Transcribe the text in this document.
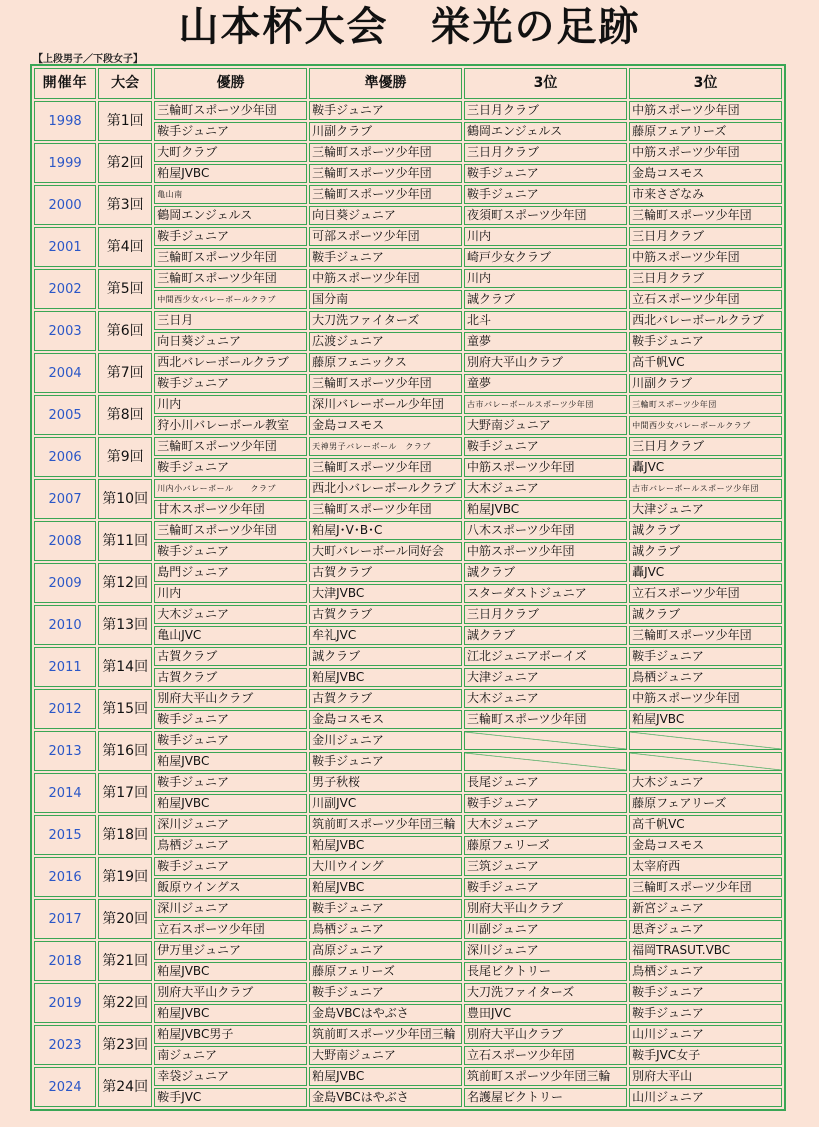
山本杯大会　栄光の足跡
【上段男子／下段女子】
開催年	大会	優勝	準優勝	3位	3位
1998	第1回	三輪町スポーツ少年団	鞍手ジュニア	三日月クラブ	中筋スポーツ少年団
		鞍手ジュニア	川副クラブ	鶴岡エンジェルス	藤原フェアリーズ
1999	第2回	大町クラブ	三輪町スポーツ少年団	三日月クラブ	中筋スポーツ少年団
		粕屋JVBC	三輪町スポーツ少年団	鞍手ジュニア	金島コスモス
2000	第3回	亀山南	三輪町スポーツ少年団	鞍手ジュニア	市来さざなみ
		鶴岡エンジェルス	向日葵ジュニア	夜須町スポーツ少年団	三輪町スポーツ少年団
2001	第4回	鞍手ジュニア	可部スポーツ少年団	川内	三日月クラブ
		三輪町スポーツ少年団	鞍手ジュニア	崎戸少女クラブ	中筋スポーツ少年団
2002	第5回	三輪町スポーツ少年団	中筋スポーツ少年団	川内	三日月クラブ
		中間西少女バレーボールクラブ	国分南	誠クラブ	立石スポーツ少年団
2003	第6回	三日月	大刀洗ファイターズ	北斗	西北バレーボールクラブ
		向日葵ジュニア	広渡ジュニア	童夢	鞍手ジュニア
2004	第7回	西北バレーボールクラブ	藤原フェニックス	別府大平山クラブ	高千帆VC
		鞍手ジュニア	三輪町スポーツ少年団	童夢	川副クラブ
2005	第8回	川内	深川バレーボール少年団	古市バレーボールスポーツ少年団	三輪町スポーツ少年団
		狩小川バレーボール教室	金島コスモス	大野南ジュニア	中間西少女バレーボールクラブ
2006	第9回	三輪町スポーツ少年団	天神男子バレーボール　クラブ	鞍手ジュニア	三日月クラブ
		鞍手ジュニア	三輪町スポーツ少年団	中筋スポーツ少年団	轟JVC
2007	第10回	川内小バレーボール　　クラブ	西北小バレーボールクラブ	大木ジュニア	古市バレーボールスポーツ少年団
		甘木スポーツ少年団	三輪町スポーツ少年団	粕屋JVBC	大津ジュニア
2008	第11回	三輪町スポーツ少年団	粕屋J･V･B･C	八木スポーツ少年団	誠クラブ
		鞍手ジュニア	大町バレーボール同好会	中筋スポーツ少年団	誠クラブ
2009	第12回	島門ジュニア	古賀クラブ	誠クラブ	轟JVC
		川内	大津JVBC	スターダストジュニア	立石スポーツ少年団
2010	第13回	大木ジュニア	古賀クラブ	三日月クラブ	誠クラブ
		亀山JVC	牟礼JVC	誠クラブ	三輪町スポーツ少年団
2011	第14回	古賀クラブ	誠クラブ	江北ジュニアボーイズ	鞍手ジュニア
		古賀クラブ	粕屋JVBC	大津ジュニア	鳥栖ジュニア
2012	第15回	別府大平山クラブ	古賀クラブ	大木ジュニア	中筋スポーツ少年団
		鞍手ジュニア	金島コスモス	三輪町スポーツ少年団	粕屋JVBC
2013	第16回	鞍手ジュニア	金川ジュニア		
		粕屋JVBC	鞍手ジュニア		
2014	第17回	鞍手ジュニア	男子秋桜	長尾ジュニア	大木ジュニア
		粕屋JVBC	川副JVC	鞍手ジュニア	藤原フェアリーズ
2015	第18回	深川ジュニア	筑前町スポーツ少年団三輪	大木ジュニア	高千帆VC
		鳥栖ジュニア	粕屋JVBC	藤原フェリーズ	金島コスモス
2016	第19回	鞍手ジュニア	大川ウイング	三筑ジュニア	太宰府西
		飯原ウイングス	粕屋JVBC	鞍手ジュニア	三輪町スポーツ少年団
2017	第20回	深川ジュニア	鞍手ジュニア	別府大平山クラブ	新宮ジュニア
		立石スポーツ少年団	鳥栖ジュニア	川副ジュニア	思斉ジュニア
2018	第21回	伊万里ジュニア	高原ジュニア	深川ジュニア	福岡TRASUT.VBC
		粕屋JVBC	藤原フェリーズ	長尾ビクトリー	鳥栖ジュニア
2019	第22回	別府大平山クラブ	鞍手ジュニア	大刀洗ファイターズ	鞍手ジュニア
		粕屋JVBC	金島VBCはやぶさ	豊田JVC	鞍手ジュニア
2023	第23回	粕屋JVBC男子	筑前町スポーツ少年団三輪	別府大平山クラブ	山川ジュニア
		南ジュニア	大野南ジュニア	立石スポーツ少年団	鞍手JVC女子
2024	第24回	幸袋ジュニア	粕屋JVBC	筑前町スポーツ少年団三輪	別府大平山
		鞍手JVC	金島VBCはやぶさ	名護屋ビクトリー	山川ジュニア
